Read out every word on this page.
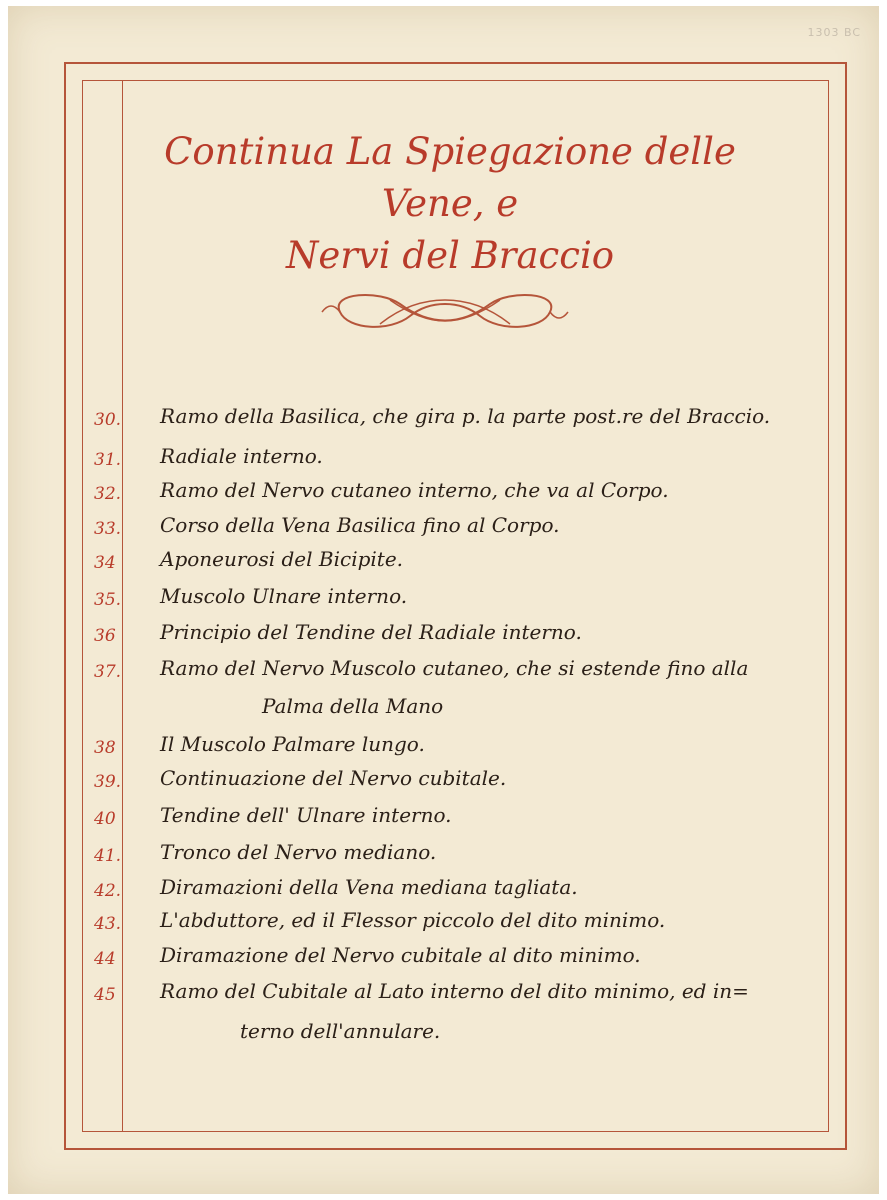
1303 BC
Continua La Spiegazione delle Vene, e
Nervi del Braccio
30.	Ramo della Basilica, che gira p. la parte post.re del Braccio.
31.	Radiale interno.
32.	Ramo del Nervo cutaneo interno, che va al Corpo.
33.	Corso della Vena Basilica fino al Corpo.
34	Aponeurosi del Bicipite.
35.	Muscolo Ulnare interno.
36	Principio del Tendine del Radiale interno.
37.	Ramo del Nervo Muscolo cutaneo, che si estende fino alla
Palma della Mano
38	Il Muscolo Palmare lungo.
39.	Continuazione del Nervo cubitale.
40	Tendine dell' Ulnare interno.
41.	Tronco del Nervo mediano.
42.	Diramazioni della Vena mediana tagliata.
43.	L'abduttore, ed il Flessor piccolo del dito minimo.
44	Diramazione del Nervo cubitale al dito minimo.
45	Ramo del Cubitale al Lato interno del dito minimo, ed in=
terno dell'annulare.
